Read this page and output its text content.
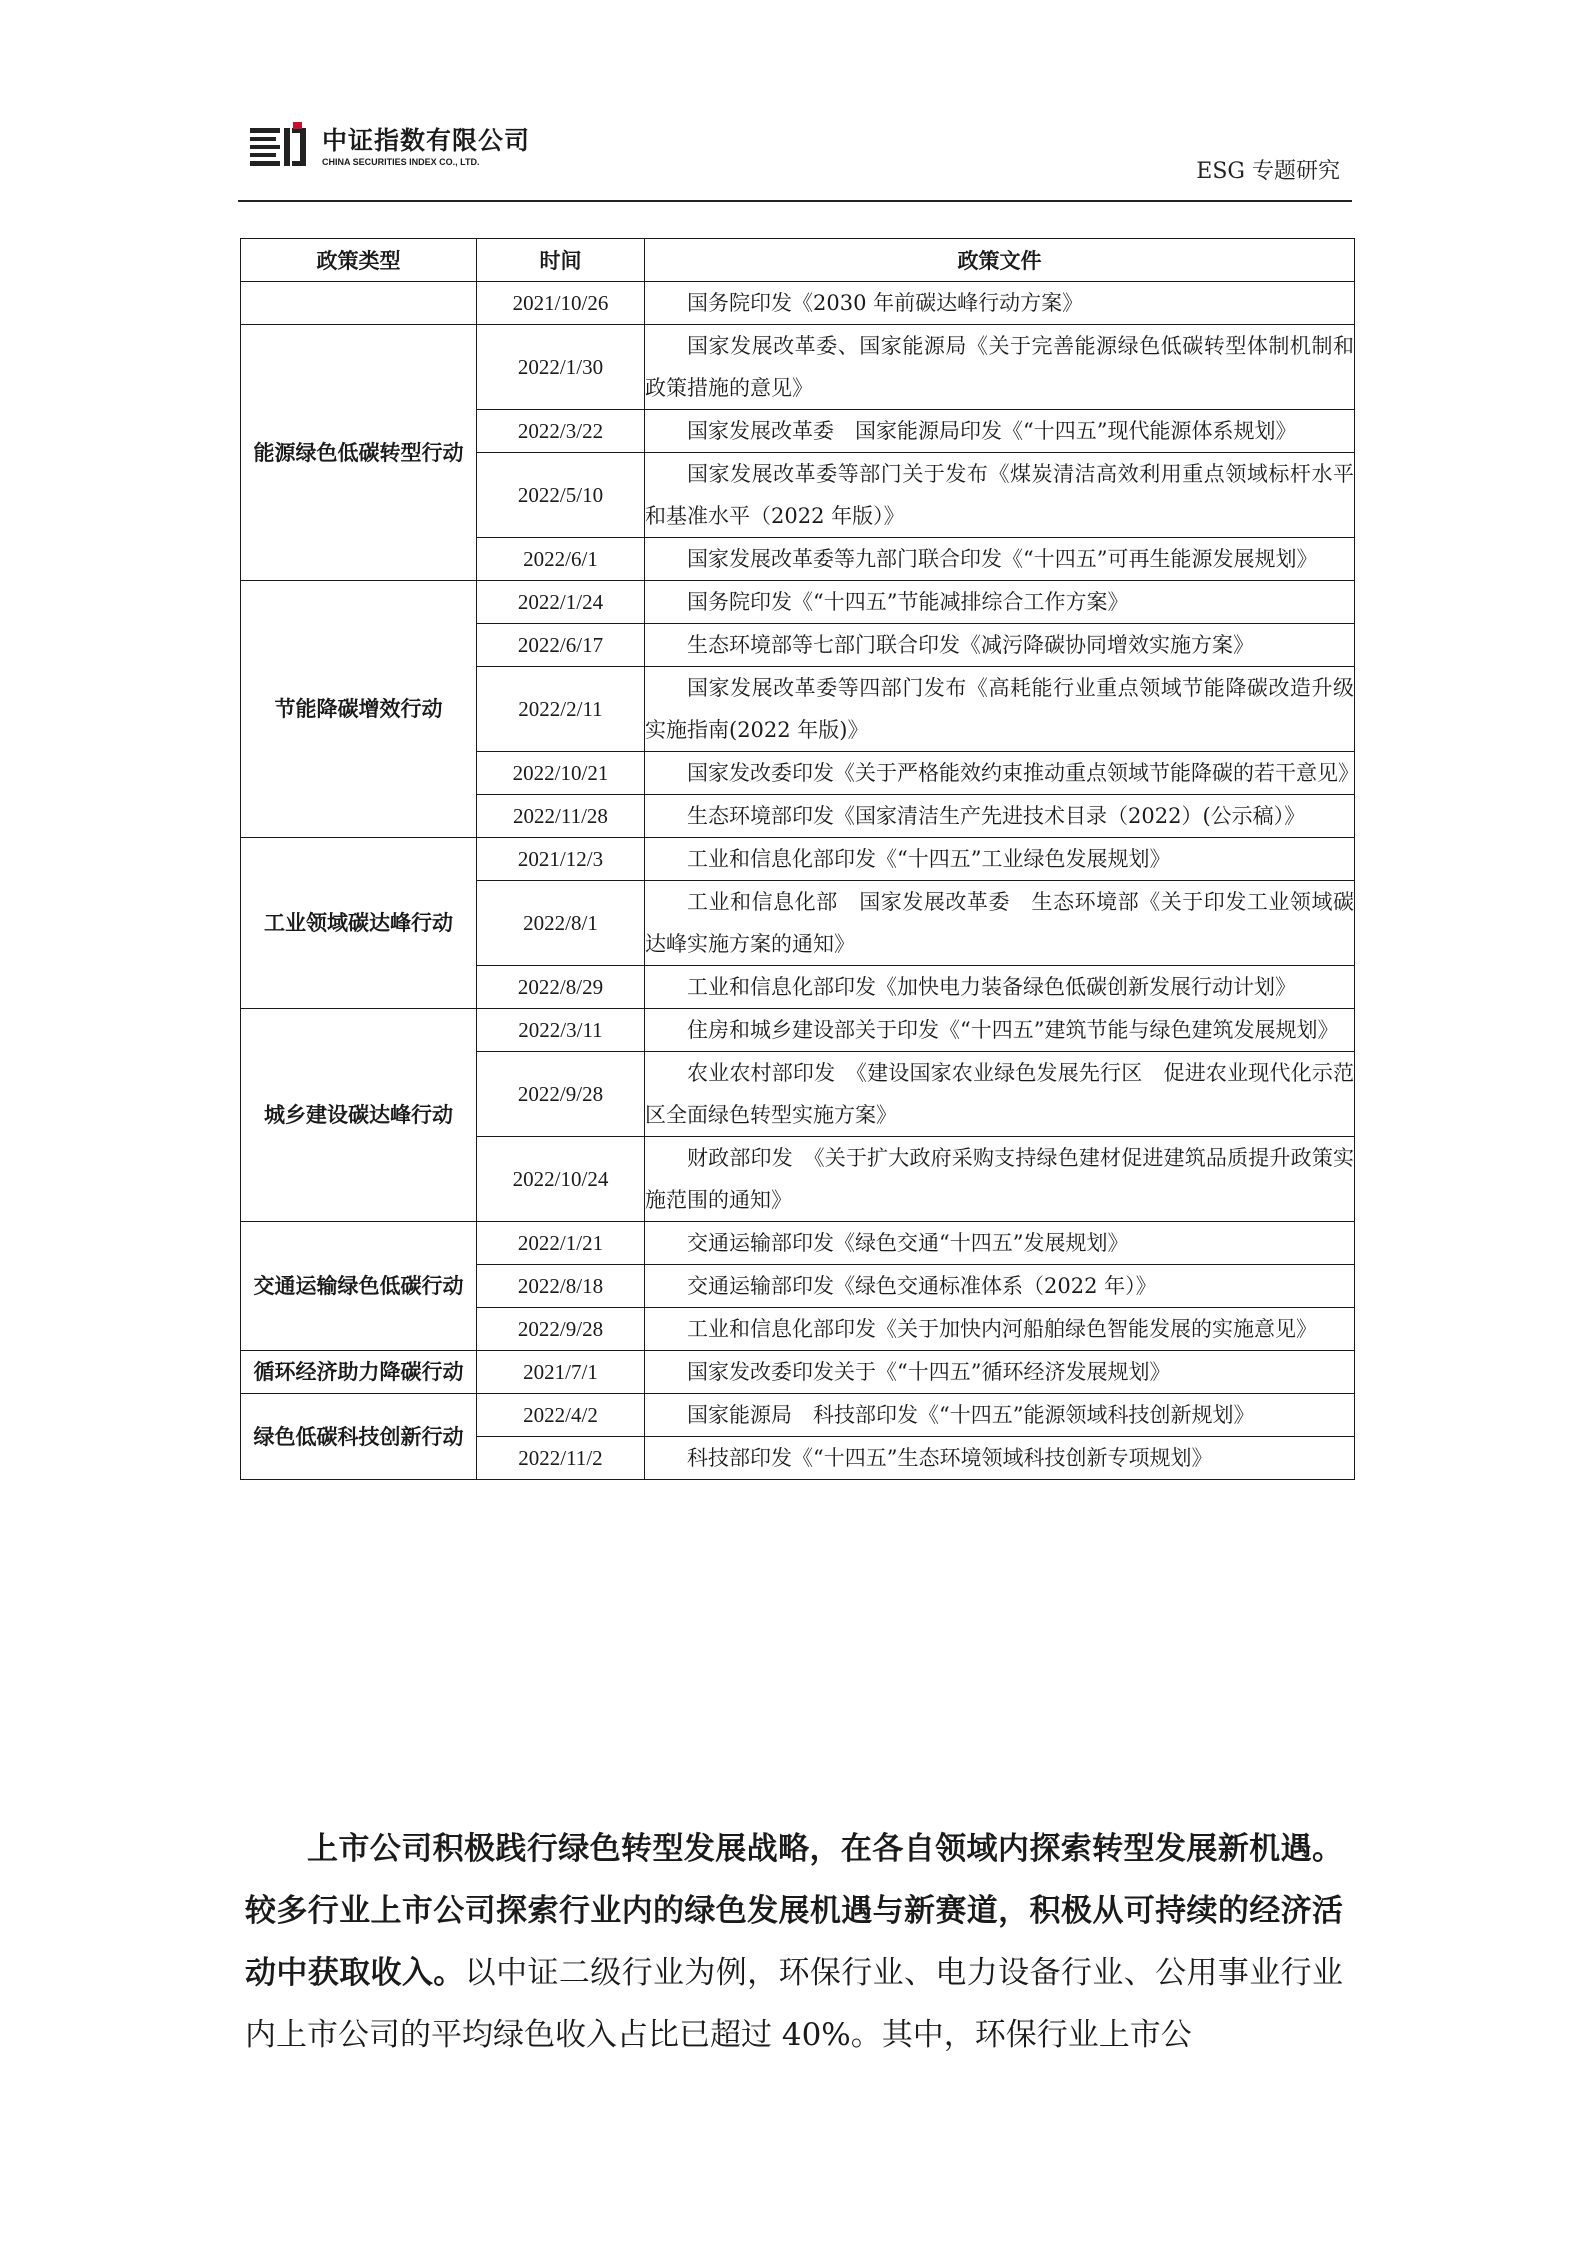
中证指数有限公司
CHINA SECURITIES INDEX CO., LTD.	ESG 专题研究
政策类型	时间	政策文件
	2021/10/26	国务院印发《2030 年前碳达峰行动方案》

能源绿色低碳转型行动	2022/1/30	国家发展改革委、国家能源局《关于完善能源绿色低碳转型体制机制和政策措施的意见》

	2022/3/22	国家发展改革委　国家能源局印发《“十四五”现代能源体系规划》

	2022/5/10	国家发展改革委等部门关于发布《煤炭清洁高效利用重点领域标杆水平和基准水平（2022 年版）》

	2022/6/1	国家发展改革委等九部门联合印发《“十四五”可再生能源发展规划》

节能降碳增效行动	2022/1/24	国务院印发《“十四五”节能减排综合工作方案》

	2022/6/17	生态环境部等七部门联合印发《减污降碳协同增效实施方案》

	2022/2/11	国家发展改革委等四部门发布《高耗能行业重点领域节能降碳改造升级实施指南(2022 年版)》

	2022/10/21	国家发改委印发《关于严格能效约束推动重点领域节能降碳的若干意见》

	2022/11/28	生态环境部印发《国家清洁生产先进技术目录（2022）(公示稿）》

工业领域碳达峰行动	2021/12/3	工业和信息化部印发《“十四五”工业绿色发展规划》

	2022/8/1	工业和信息化部　国家发展改革委　生态环境部《关于印发工业领域碳达峰实施方案的通知》

	2022/8/29	工业和信息化部印发《加快电力装备绿色低碳创新发展行动计划》

城乡建设碳达峰行动	2022/3/11	住房和城乡建设部关于印发《“十四五”建筑节能与绿色建筑发展规划》

	2022/9/28	农业农村部印发　《建设国家农业绿色发展先行区　促进农业现代化示范区全面绿色转型实施方案》

	2022/10/24	财政部印发　《关于扩大政府采购支持绿色建材促进建筑品质提升政策实施范围的通知》

交通运输绿色低碳行动	2022/1/21	交通运输部印发《绿色交通“十四五”发展规划》

	2022/8/18	交通运输部印发《绿色交通标准体系（2022 年）》

	2022/9/28	工业和信息化部印发《关于加快内河船舶绿色智能发展的实施意见》

循环经济助力降碳行动	2021/7/1	国家发改委印发关于《“十四五”循环经济发展规划》

绿色低碳科技创新行动	2022/4/2	国家能源局　科技部印发《“十四五”能源领域科技创新规划》

	2022/11/2	科技部印发《“十四五”生态环境领域科技创新专项规划》
上市公司积极践行绿色转型发展战略，在各自领域内探索转型发展新机遇。较多行业上市公司探索行业内的绿色发展机遇与新赛道，积极从可持续的经济活动中获取收入。以中证二级行业为例，环保行业、电力设备行业、公用事业行业内上市公司的平均绿色收入占比已超过 40%。其中，环保行业上市公
